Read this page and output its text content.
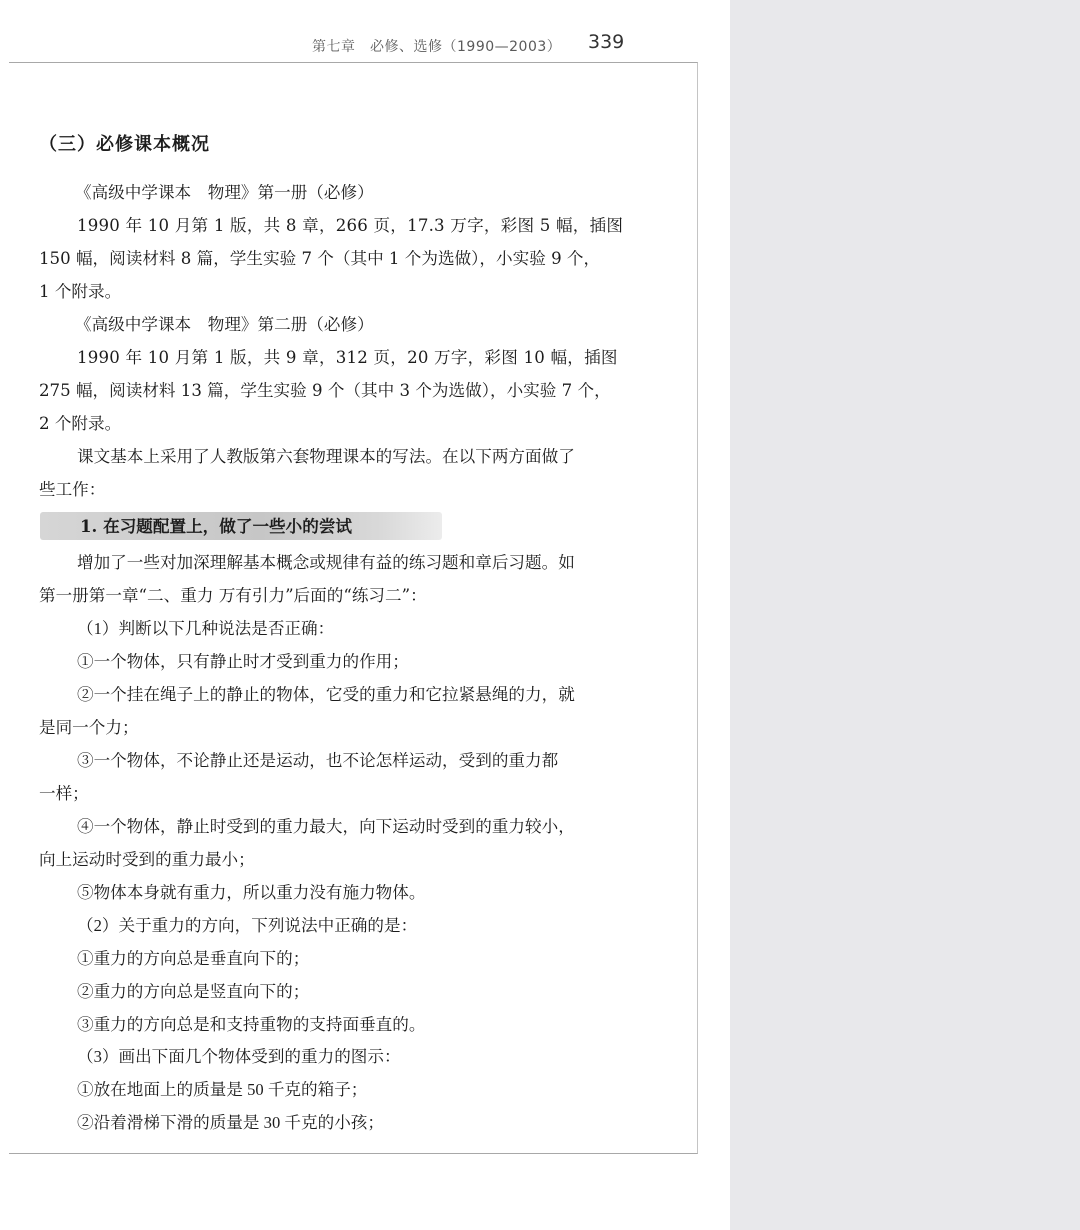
第七章　必修、选修（1990—2003） 339
（三）必修课本概况
《高级中学课本　物理》第一册（必修）
1990 年 10 月第 1 版，共 8 章，266 页，17.3 万字，彩图 5 幅，插图
150 幅，阅读材料 8 篇，学生实验 7 个（其中 1 个为选做），小实验 9 个，
1 个附录。
《高级中学课本　物理》第二册（必修）
1990 年 10 月第 1 版，共 9 章，312 页，20 万字，彩图 10 幅，插图
275 幅，阅读材料 13 篇，学生实验 9 个（其中 3 个为选做），小实验 7 个，
2 个附录。
课文基本上采用了人教版第六套物理课本的写法。在以下两方面做了
些工作：
1. 在习题配置上，做了一些小的尝试
增加了一些对加深理解基本概念或规律有益的练习题和章后习题。如
第一册第一章“二、重力 万有引力”后面的“练习二”：
（1）判断以下几种说法是否正确：
①一个物体，只有静止时才受到重力的作用；
②一个挂在绳子上的静止的物体，它受的重力和它拉紧悬绳的力，就
是同一个力；
③一个物体，不论静止还是运动，也不论怎样运动，受到的重力都
一样；
④一个物体，静止时受到的重力最大，向下运动时受到的重力较小，
向上运动时受到的重力最小；
⑤物体本身就有重力，所以重力没有施力物体。
（2）关于重力的方向，下列说法中正确的是：
①重力的方向总是垂直向下的；
②重力的方向总是竖直向下的；
③重力的方向总是和支持重物的支持面垂直的。
（3）画出下面几个物体受到的重力的图示：
①放在地面上的质量是 50 千克的箱子；
②沿着滑梯下滑的质量是 30 千克的小孩；
